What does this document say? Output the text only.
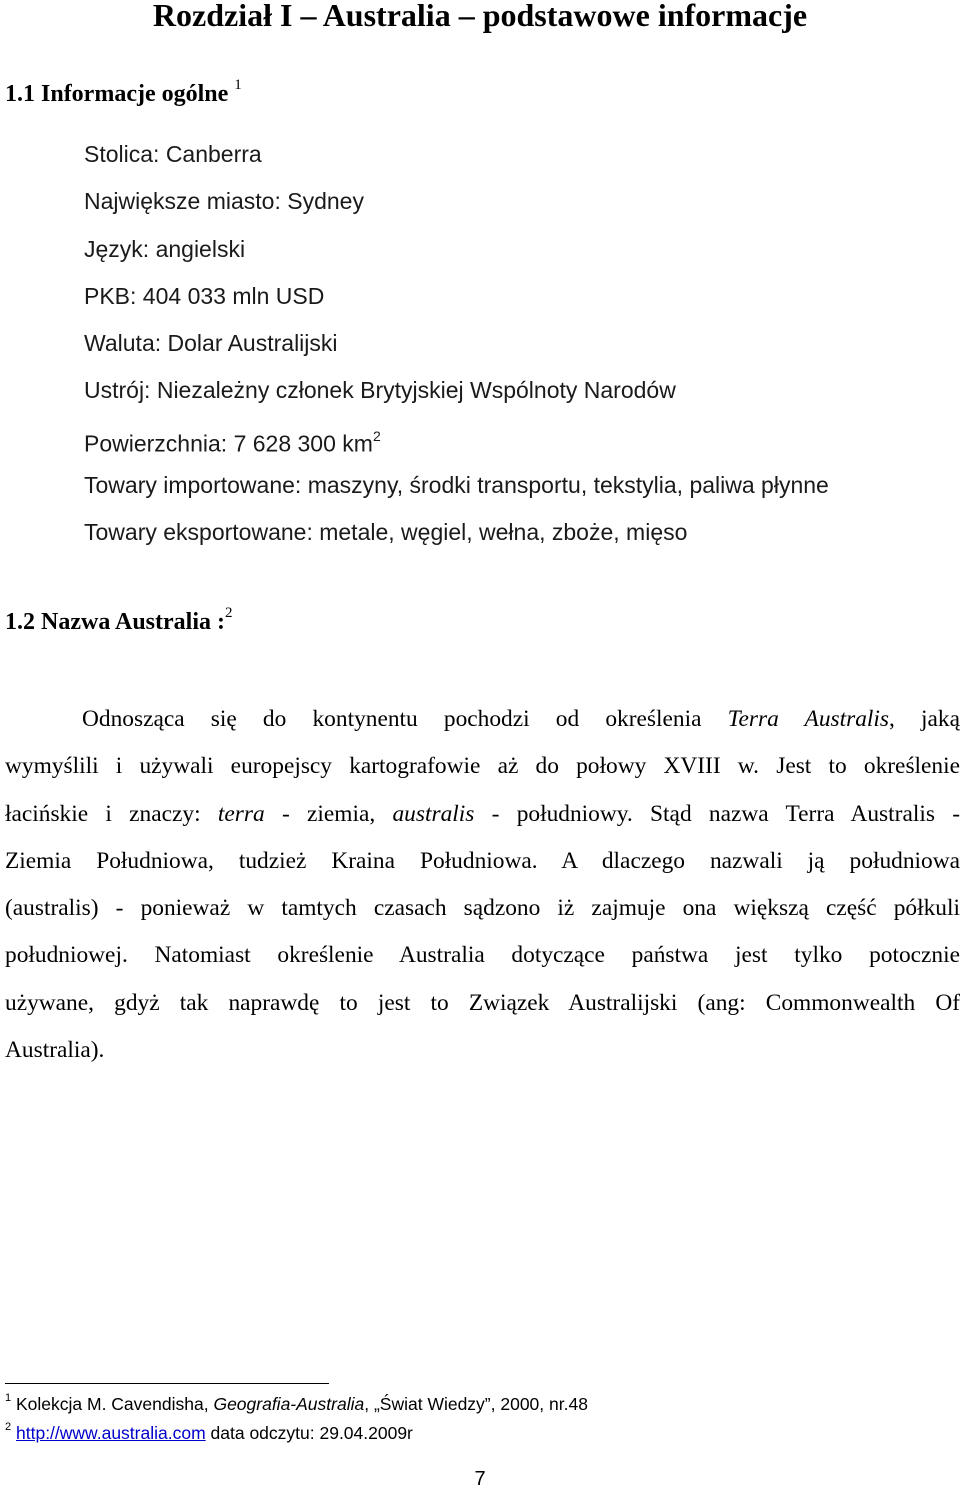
Rozdział I – Australia – podstawowe informacje
1.1 Informacje ogólne $^1$
Stolica: Canberra
Największe miasto: Sydney
Język: angielski
PKB: 404 033 mln USD
Waluta: Dolar Australijski
Ustrój: Niezależny członek Brytyjskiej Wspólnoty Narodów
Powierzchnia: 7 628 300 $km^2$
Towary importowane: maszyny, środki transportu, tekstylia, paliwa płynne
Towary eksportowane: metale, węgiel, wełna, zboże, mięso
1.2 Nazwa Australia :$^2$
Odnosząca się do kontynentu pochodzi od określenia Terra Australis, jaką
wymyślili i używali europejscy kartografowie aż do połowy XVIII w. Jest to określenie
łacińskie i znaczy: terra - ziemia, australis - południowy. Stąd nazwa Terra Australis -
Ziemia Południowa, tudzież Kraina Południowa. A dlaczego nazwali ją południowa
(australis) - ponieważ w tamtych czasach sądzono iż zajmuje ona większą część półkuli
południowej. Natomiast określenie Australia dotyczące państwa jest tylko potocznie
używane, gdyż tak naprawdę to jest to Związek Australijski (ang: Commonwealth Of
Australia).
$^1$ Kolekcja M. Cavendisha, Geografia-Australia, „Świat Wiedzy”, 2000, nr.48
$^2$ http://www.australia.com data odczytu: 29.04.2009r
7
